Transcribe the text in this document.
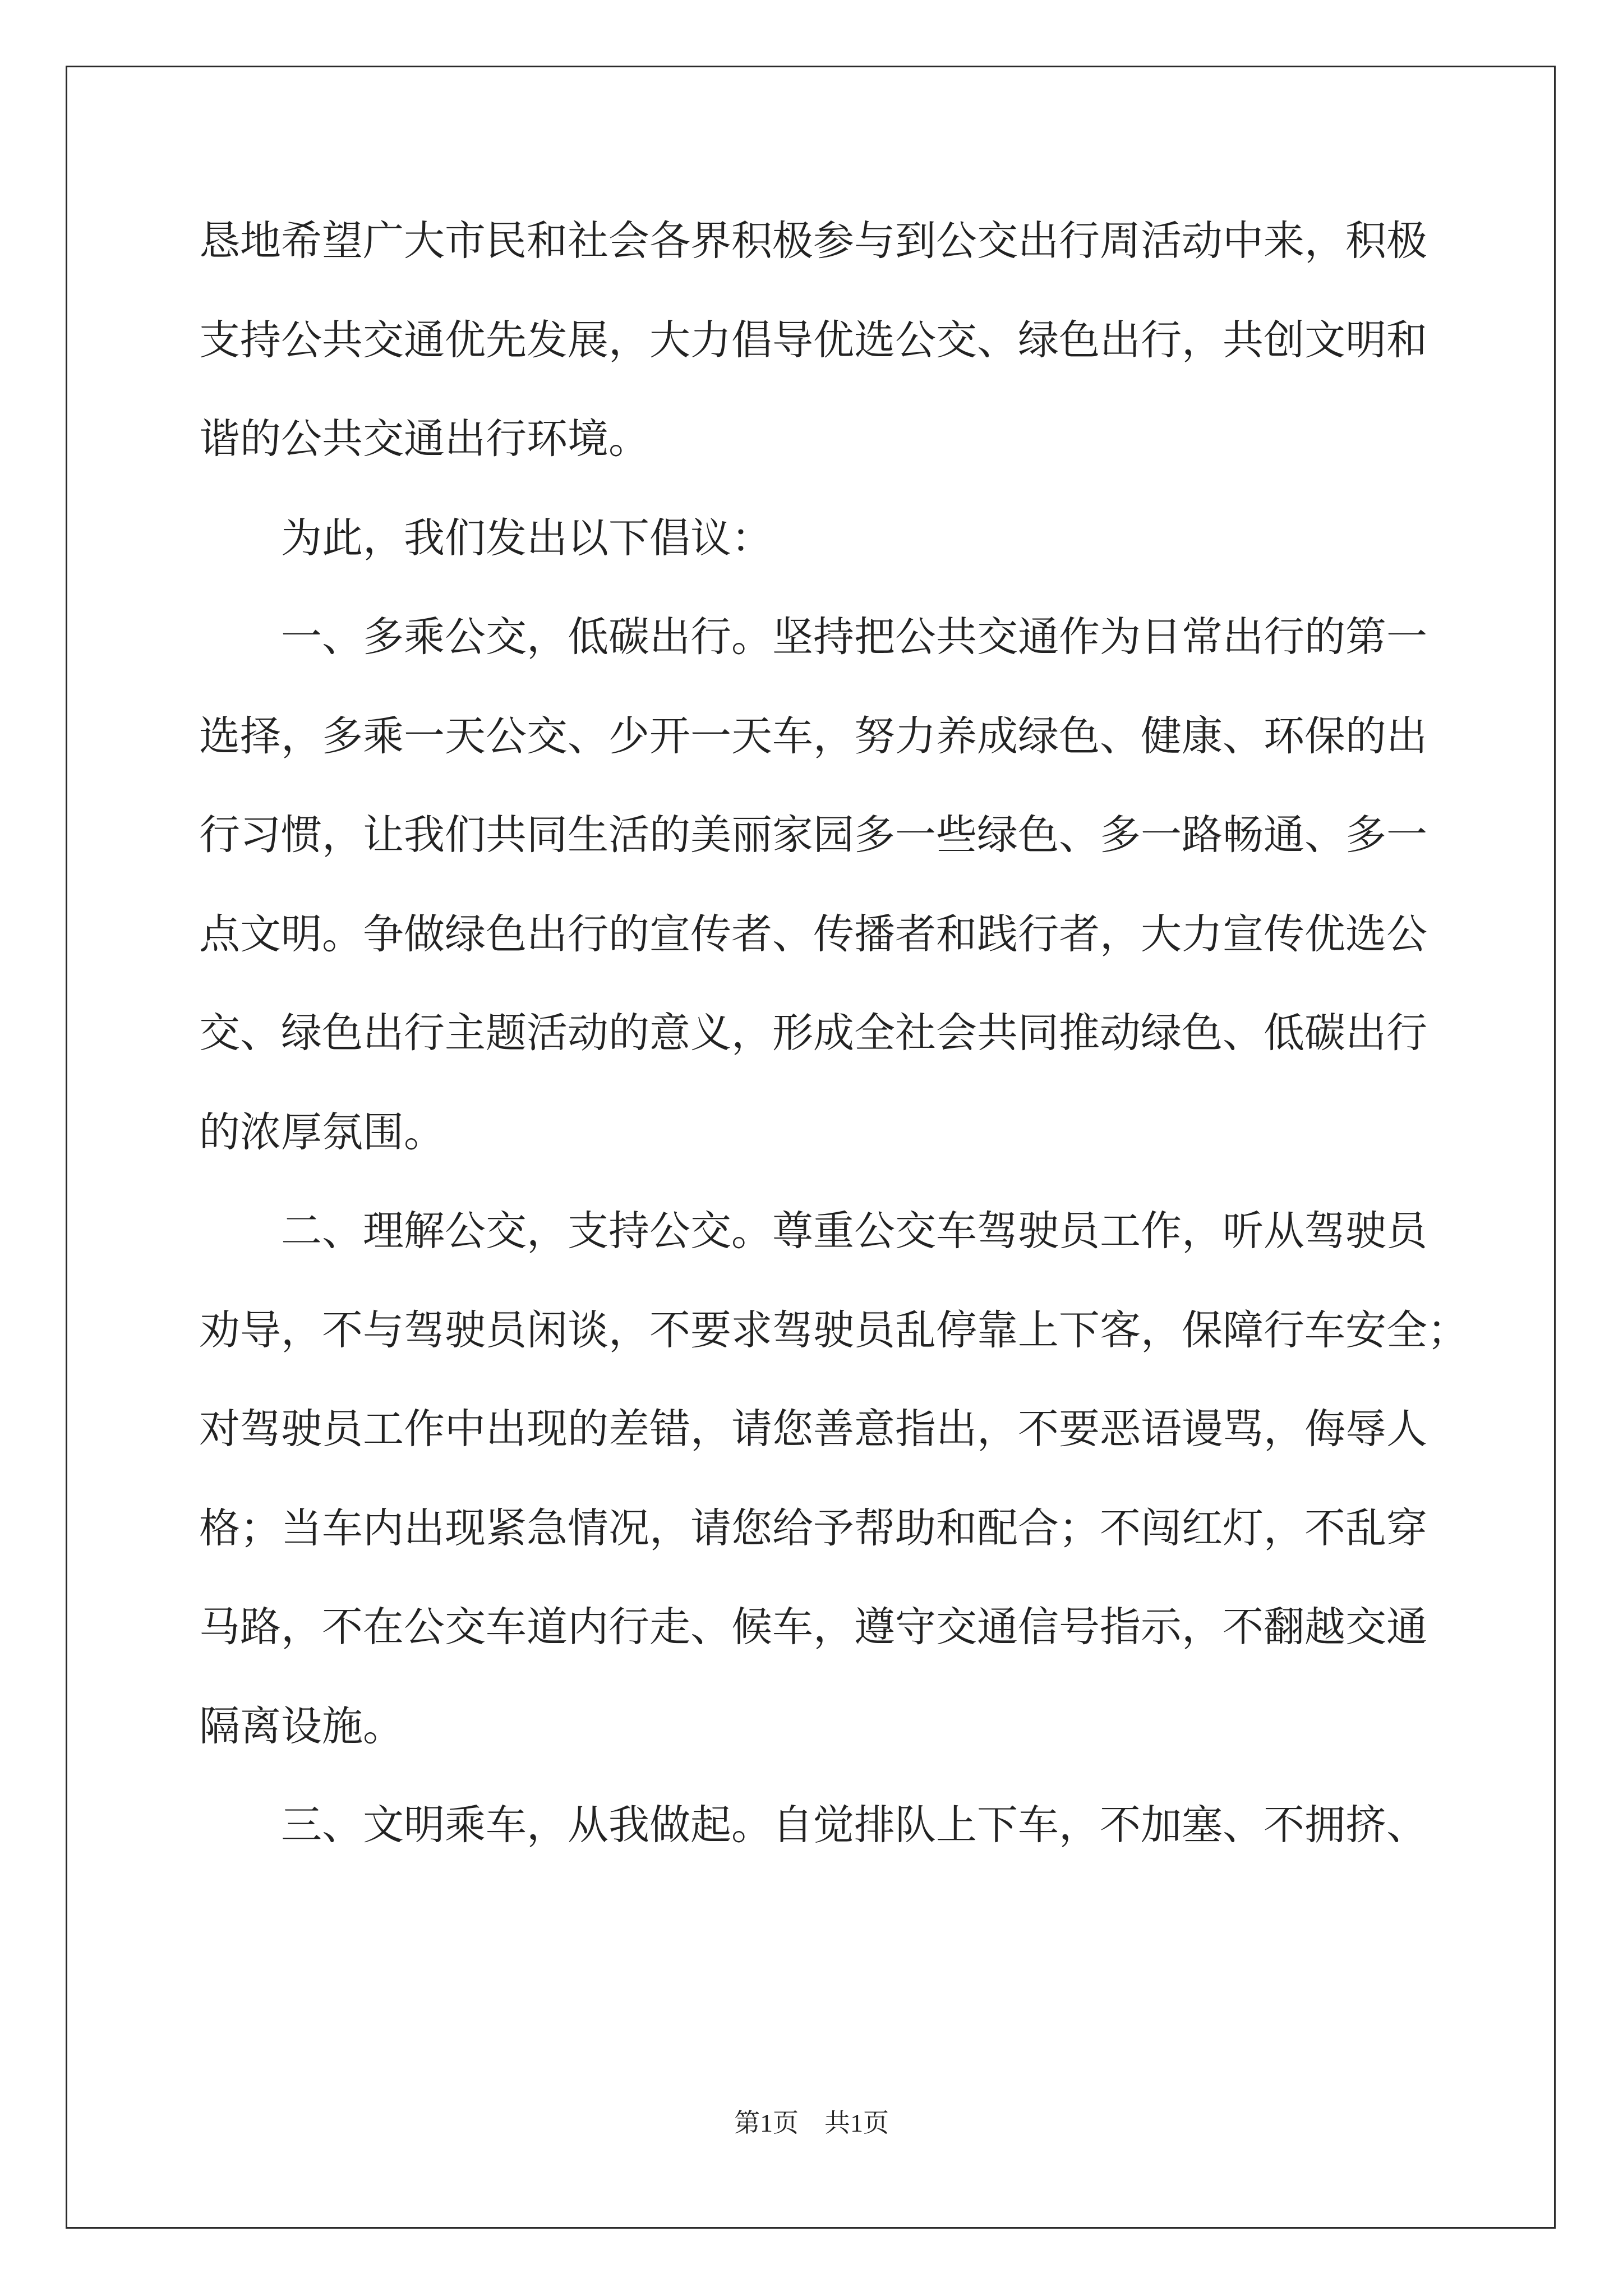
恳地希望广大市民和社会各界积极参与到公交出行周活动中来，积极
支持公共交通优先发展，大力倡导优选公交、绿色出行，共创文明和
谐的公共交通出行环境。
为此，我们发出以下倡议：
一、多乘公交，低碳出行。坚持把公共交通作为日常出行的第一
选择，多乘一天公交、少开一天车，努力养成绿色、健康、环保的出
行习惯，让我们共同生活的美丽家园多一些绿色、多一路畅通、多一
点文明。争做绿色出行的宣传者、传播者和践行者，大力宣传优选公
交、绿色出行主题活动的意义，形成全社会共同推动绿色、低碳出行
的浓厚氛围。
二、理解公交，支持公交。尊重公交车驾驶员工作，听从驾驶员
劝导，不与驾驶员闲谈，不要求驾驶员乱停靠上下客，保障行车安全；
对驾驶员工作中出现的差错，请您善意指出，不要恶语谩骂，侮辱人
格；当车内出现紧急情况，请您给予帮助和配合；不闯红灯，不乱穿
马路，不在公交车道内行走、候车，遵守交通信号指示，不翻越交通
隔离设施。
三、文明乘车，从我做起。自觉排队上下车，不加塞、不拥挤、
第1页 共1页
